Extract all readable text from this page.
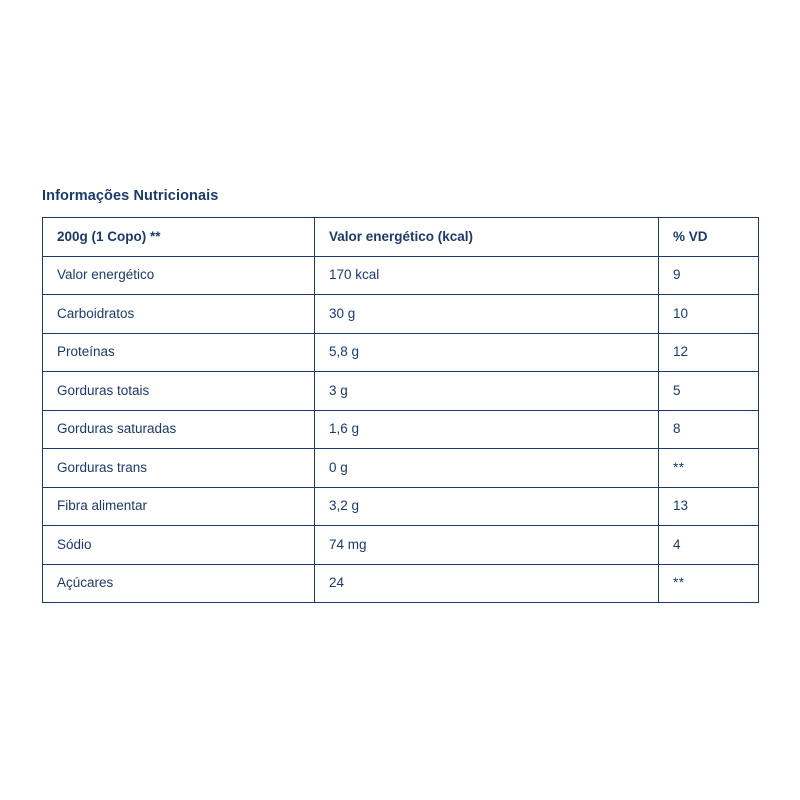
Informações Nutricionais
200g (1 Copo) **	Valor energético (kcal)	% VD
Valor energético	170 kcal	9
Carboidratos	30 g	10
Proteínas	5,8 g	12
Gorduras totais	3 g	5
Gorduras saturadas	1,6 g	8
Gorduras trans	0 g	**
Fibra alimentar	3,2 g	13
Sódio	74 mg	4
Açúcares	24	**
